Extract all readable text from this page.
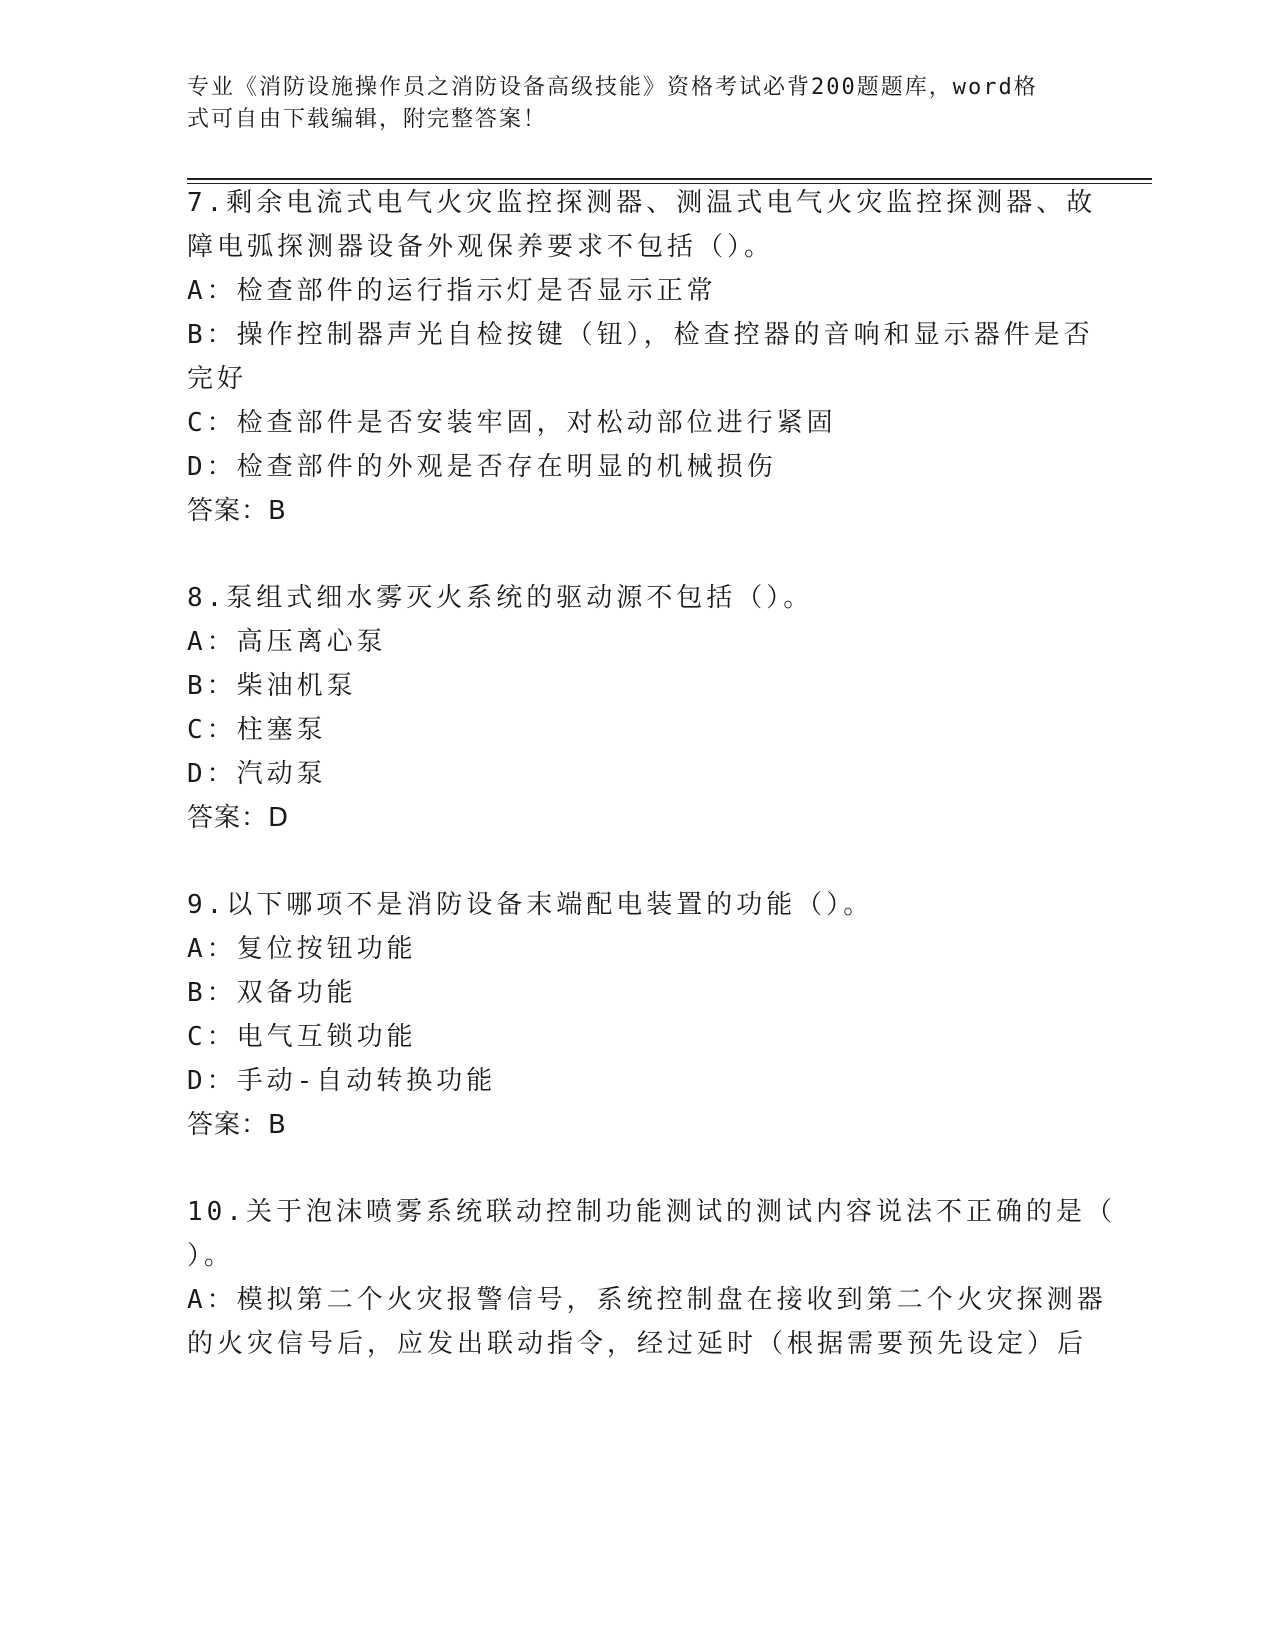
专业《消防设施操作员之消防设备高级技能》资格考试必背200题题库，word格
式可自由下载编辑，附完整答案！
7.剩余电流式电气火灾监控探测器、测温式电气火灾监控探测器、故
障电弧探测器设备外观保养要求不包括（）。
A：检查部件的运行指示灯是否显示正常
B：操作控制器声光自检按键（钮），检查控器的音响和显示器件是否
完好
C：检查部件是否安装牢固，对松动部位进行紧固
D：检查部件的外观是否存在明显的机械损伤
答案：B
8.泵组式细水雾灭火系统的驱动源不包括（）。
A：高压离心泵
B：柴油机泵
C：柱塞泵
D：汽动泵
答案：D
9.以下哪项不是消防设备末端配电装置的功能（）。
A：复位按钮功能
B：双备功能
C：电气互锁功能
D：手动-自动转换功能
答案：B
10.关于泡沫喷雾系统联动控制功能测试的测试内容说法不正确的是（
）。
A：模拟第二个火灾报警信号，系统控制盘在接收到第二个火灾探测器
的火灾信号后，应发出联动指令，经过延时（根据需要预先设定）后
